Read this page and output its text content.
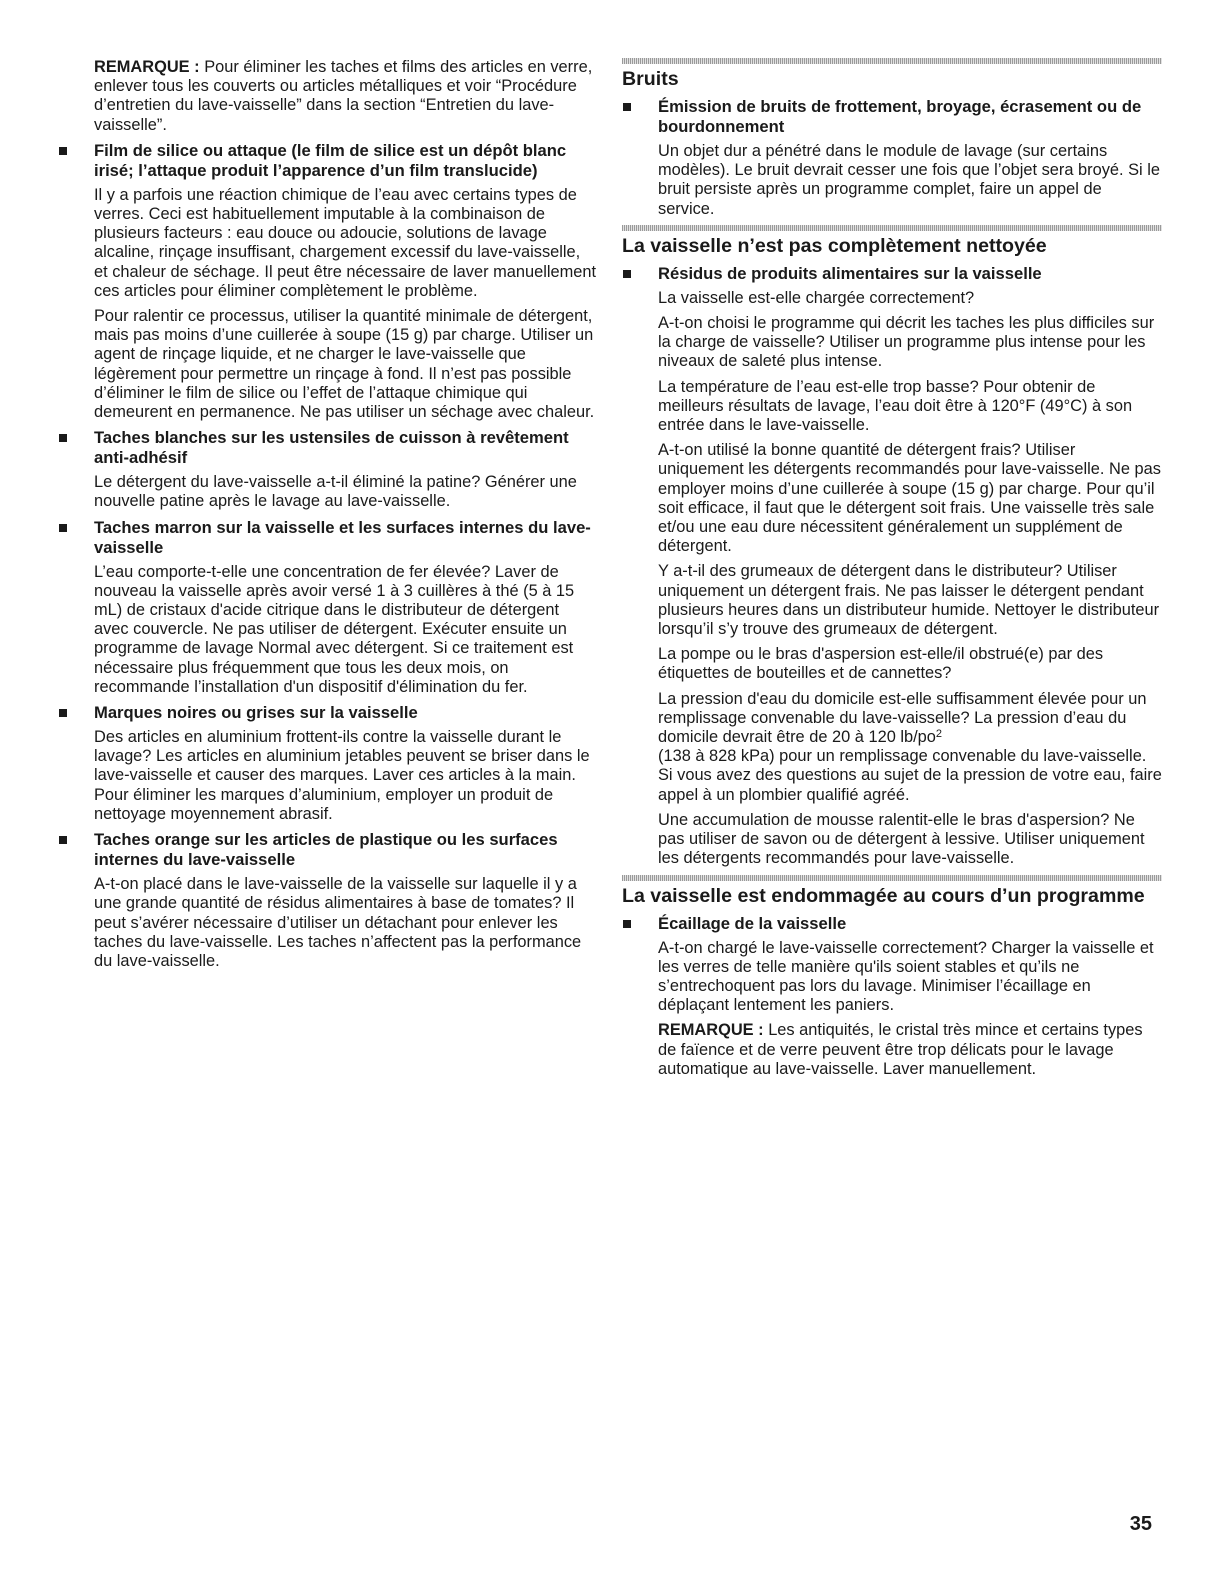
REMARQUE : Pour éliminer les taches et films des articles en verre, enlever tous les couverts ou articles métalliques et voir “Procédure d’entretien du lave-vaisselle” dans la section “Entretien du lave-vaisselle”.

Film de silice ou attaque (le film de silice est un dépôt blanc irisé; l’attaque produit l’apparence d’un film translucide)

Il y a parfois une réaction chimique de l’eau avec certains types de verres. Ceci est habituellement imputable à la combinaison de plusieurs facteurs : eau douce ou adoucie, solutions de lavage alcaline, rinçage insuffisant, chargement excessif du lave-vaisselle, et chaleur de séchage. Il peut être nécessaire de laver manuellement ces articles pour éliminer complètement le problème.

Pour ralentir ce processus, utiliser la quantité minimale de détergent, mais pas moins d’une cuillerée à soupe (15 g) par charge. Utiliser un agent de rinçage liquide, et ne charger le lave-vaisselle que légèrement pour permettre un rinçage à fond. Il n’est pas possible d’éliminer le film de silice ou l’effet de l’attaque chimique qui demeurent en permanence. Ne pas utiliser un séchage avec chaleur.

Taches blanches sur les ustensiles de cuisson à revêtement anti-adhésif

Le détergent du lave-vaisselle a-t-il éliminé la patine? Générer une nouvelle patine après le lavage au lave-vaisselle.

Taches marron sur la vaisselle et les surfaces internes du lave-vaisselle

L’eau comporte-t-elle une concentration de fer élevée? Laver de nouveau la vaisselle après avoir versé 1 à 3 cuillères à thé (5 à 15 mL) de cristaux d'acide citrique dans le distributeur de détergent avec couvercle. Ne pas utiliser de détergent. Exécuter ensuite un programme de lavage Normal avec détergent. Si ce traitement est nécessaire plus fréquemment que tous les deux mois, on recommande l’installation d'un dispositif d'élimination du fer.

Marques noires ou grises sur la vaisselle

Des articles en aluminium frottent-ils contre la vaisselle durant le lavage? Les articles en aluminium jetables peuvent se briser dans le lave-vaisselle et causer des marques. Laver ces articles à la main. Pour éliminer les marques d’aluminium, employer un produit de nettoyage moyennement abrasif.

Taches orange sur les articles de plastique ou les surfaces internes du lave-vaisselle

A-t-on placé dans le lave-vaisselle de la vaisselle sur laquelle il y a une grande quantité de résidus alimentaires à base de tomates? Il peut s’avérer nécessaire d’utiliser un détachant pour enlever les taches du lave-vaisselle. Les taches n’affectent pas la performance du lave-vaisselle.

Bruits
Émission de bruits de frottement, broyage, écrasement ou de bourdonnement

Un objet dur a pénétré dans le module de lavage (sur certains modèles). Le bruit devrait cesser une fois que l’objet sera broyé. Si le bruit persiste après un programme complet, faire un appel de service.

La vaisselle n’est pas complètement nettoyée
Résidus de produits alimentaires sur la vaisselle

La vaisselle est-elle chargée correctement?

A-t-on choisi le programme qui décrit les taches les plus difficiles sur la charge de vaisselle? Utiliser un programme plus intense pour les niveaux de saleté plus intense.

La température de l’eau est-elle trop basse? Pour obtenir de meilleurs résultats de lavage, l’eau doit être à 120°F (49°C) à son entrée dans le lave-vaisselle.

A-t-on utilisé la bonne quantité de détergent frais? Utiliser uniquement les détergents recommandés pour lave-vaisselle. Ne pas employer moins d’une cuillerée à soupe (15 g) par charge. Pour qu’il soit efficace, il faut que le détergent soit frais. Une vaisselle très sale et/ou une eau dure nécessitent généralement un supplément de détergent.

Y a-t-il des grumeaux de détergent dans le distributeur? Utiliser uniquement un détergent frais. Ne pas laisser le détergent pendant plusieurs heures dans un distributeur humide. Nettoyer le distributeur lorsqu’il s’y trouve des grumeaux de détergent.

La pompe ou le bras d'aspersion est-elle/il obstrué(e) par des étiquettes de bouteilles et de cannettes?

La pression d'eau du domicile est-elle suffisamment élevée pour un remplissage convenable du lave-vaisselle? La pression d’eau du domicile devrait être de 20 à 120 $lb/po^2$
(138 à 828 kPa) pour un remplissage convenable du lave-vaisselle. Si vous avez des questions au sujet de la pression de votre eau, faire appel à un plombier qualifié agréé.

Une accumulation de mousse ralentit-elle le bras d'aspersion? Ne pas utiliser de savon ou de détergent à lessive. Utiliser uniquement les détergents recommandés pour lave-vaisselle.

La vaisselle est endommagée au cours d’un programme
Écaillage de la vaisselle

A-t-on chargé le lave-vaisselle correctement? Charger la vaisselle et les verres de telle manière qu'ils soient stables et qu’ils ne s’entrechoquent pas lors du lavage. Minimiser l’écaillage en déplaçant lentement les paniers.

REMARQUE : Les antiquités, le cristal très mince et certains types de faïence et de verre peuvent être trop délicats pour le lavage automatique au lave-vaisselle. Laver manuellement.

35
